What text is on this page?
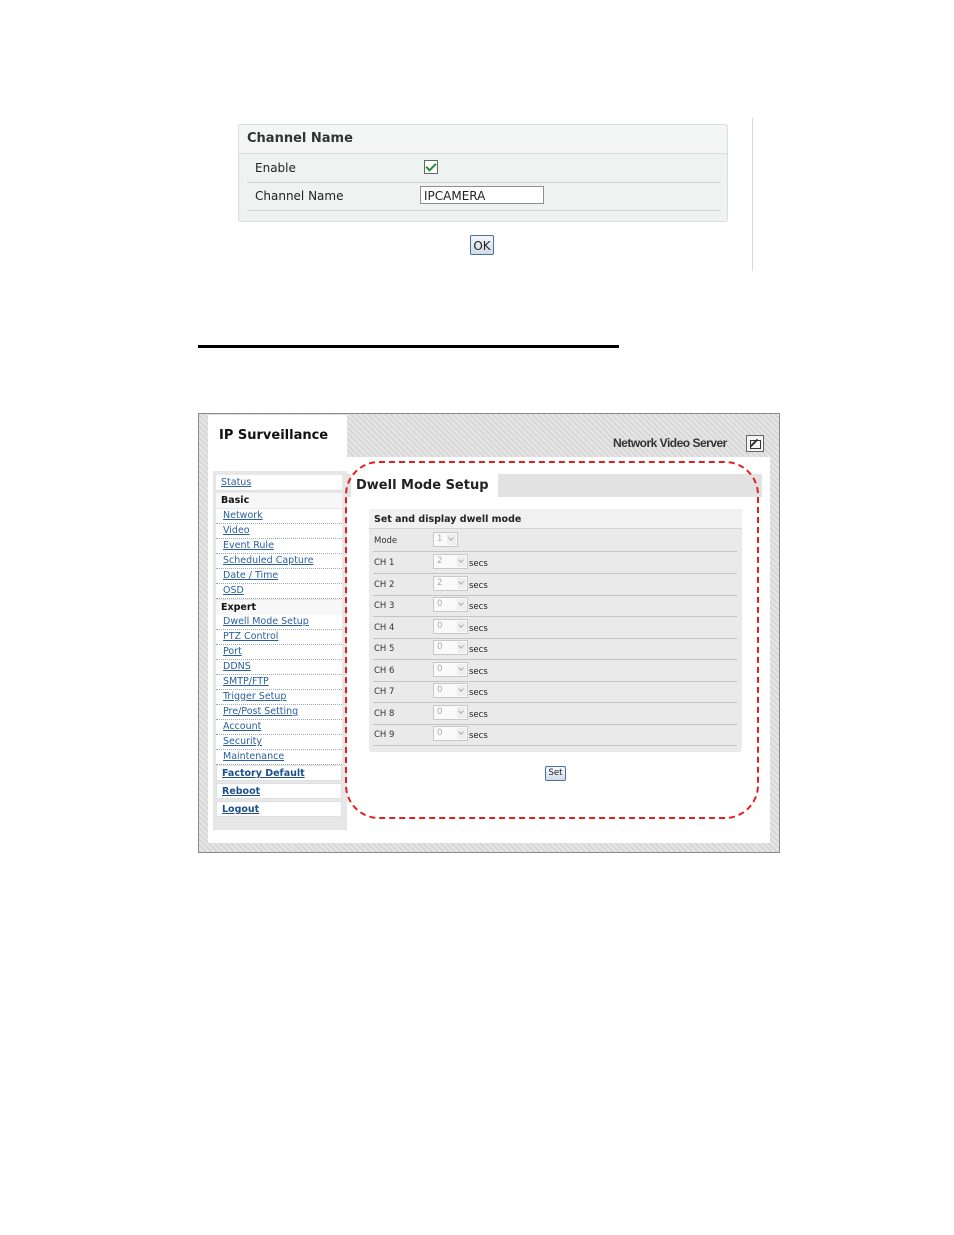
Channel Name
Enable
Channel Name	IPCAMERA
OK
IP Surveillance	Network Video Server
Status
Basic
Network
Video
Event Rule
Scheduled Capture
Date / Time
OSD
Expert
Dwell Mode Setup
PTZ Control
Port
DDNS
SMTP/FTP
Trigger Setup
Pre/Post Setting
Account
Security
Maintenance
Factory Default
Reboot
Logout
Dwell Mode Setup
Set and display dwell mode
Mode	1
CH 1	2	secs
CH 2	2	secs
CH 3	0	secs
CH 4	0	secs
CH 5	0	secs
CH 6	0	secs
CH 7	0	secs
CH 8	0	secs
CH 9	0	secs
Set
